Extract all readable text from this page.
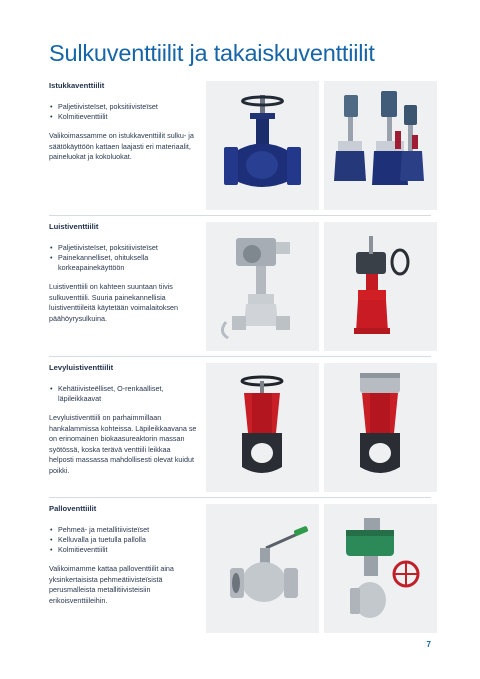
Sulkuventtiilit ja takaiskuventtiilit
Istukkaventtiilit
• Paljetiivisteïset, poksitiivisteïset
• Kolmitieventtiilit

Valikoimassamme on istukkaventtiilit sulku- ja säätökäyttöön kattaen laajasti eri materiaalit, paineluokat ja kokoluokat.

Luistiventtiilit
• Paljetiivisteïset, poksitiivisteïset
• Painekannelliset, ohituksella korkeapainekäyttöön

Luistiventtiili on kahteen suuntaan tiivis sulkuventtiili. Suuria painekannellisia luistiventtiileitä käytetään voimalaitoksen päähöyrysulkuina.

Levyluistiventtiilit
• Kehätiivisteëlliset, O-renkaalliset, läpileikkaavat

Levyluistiventtiili on parhaimmillaan hankalammissa kohteissa. Läpileikkaavana se on erinomainen biokaasureaktorin massan syötössä, koska terävä venttiili leikkaa helposti massassa mahdollisesti olevat kuidut poikki.

Palloventtiilit
• Pehmeä- ja metallitiivisteïset
• Kelluvalla ja tuetulla pallolla
• Kolmitieventtiilit

Valikoimamme kattaa palloventtiilit aina yksinkertaisista pehmeätiivisteïsistä perusmalleista metallitiivisteisiin erikoisventtiileihin.

7
